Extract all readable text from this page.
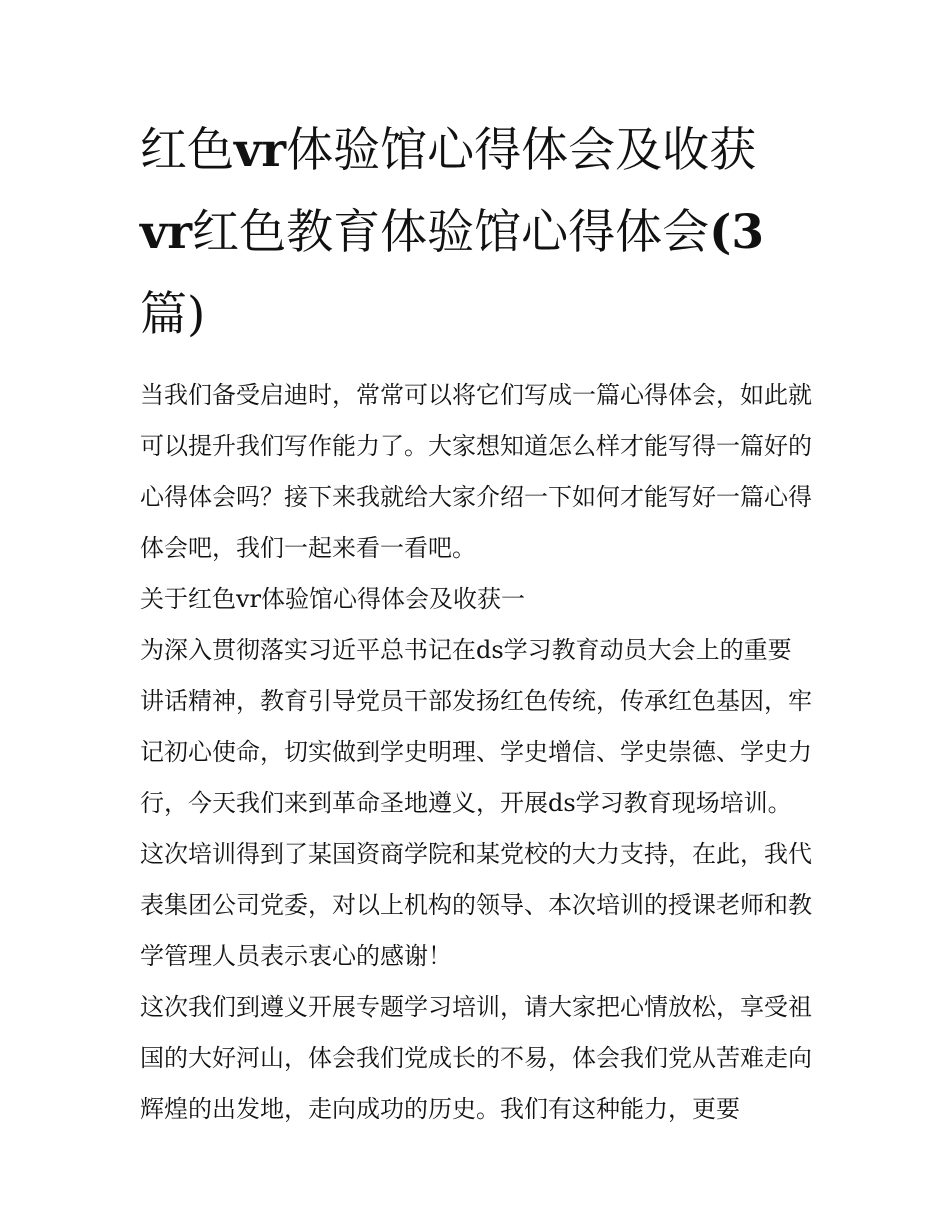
红色vr体验馆心得体会及收获
vr红色教育体验馆心得体会(3
篇)

当我们备受启迪时，常常可以将它们写成一篇心得体会，如此就可以提升我们写作能力了。大家想知道怎么样才能写得一篇好的心得体会吗？接下来我就给大家介绍一下如何才能写好一篇心得体会吧，我们一起来看一看吧。

关于红色vr体验馆心得体会及收获一

为深入贯彻落实习近平总书记在ds学习教育动员大会上的重要讲话精神，教育引导党员干部发扬红色传统，传承红色基因，牢记初心使命，切实做到学史明理、学史增信、学史崇德、学史力行，今天我们来到革命圣地遵义，开展ds学习教育现场培训。这次培训得到了某国资商学院和某党校的大力支持，在此，我代表集团公司党委，对以上机构的领导、本次培训的授课老师和教学管理人员表示衷心的感谢！

这次我们到遵义开展专题学习培训，请大家把心情放松，享受祖国的大好河山，体会我们党成长的不易，体会我们党从苦难走向辉煌的出发地，走向成功的历史。我们有这种能力，更要
